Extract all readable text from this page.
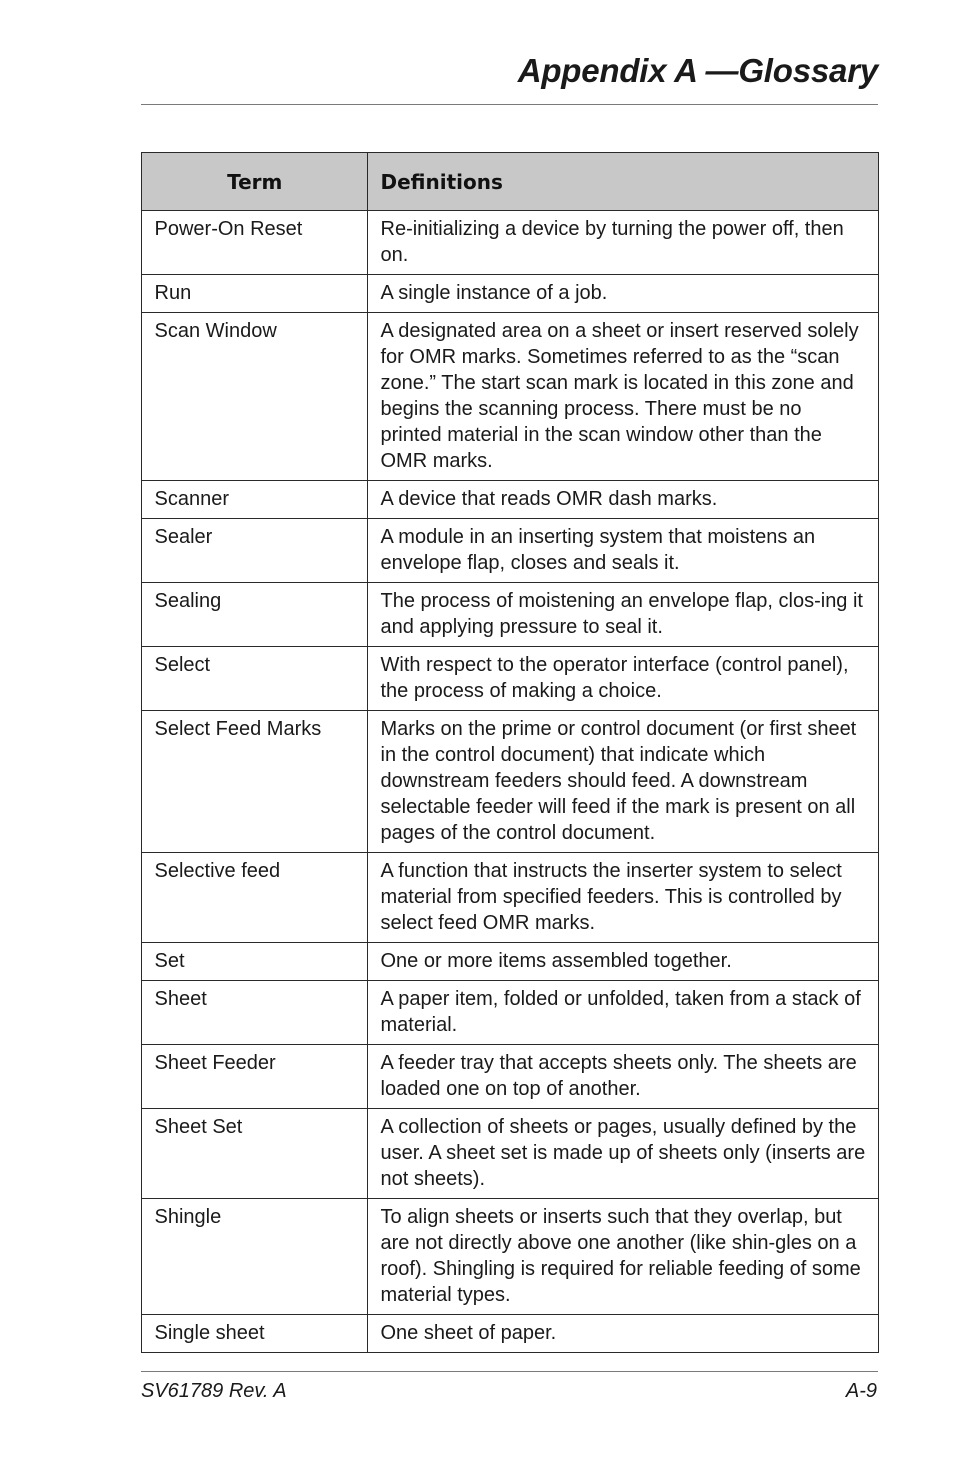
Appendix A —Glossary
Term	Definitions
Power-On Reset	Re-initializing a device by turning the power off, then on.
Run	A single instance of a job.
Scan Window	A designated area on a sheet or insert reserved solely for OMR marks. Sometimes referred to as the “scan zone.” The start scan mark is located in this zone and begins the scanning process. There must be no printed material in the scan window other than the OMR marks.
Scanner	A device that reads OMR dash marks.
Sealer	A module in an inserting system that moistens an envelope flap, closes and seals it.
Sealing	The process of moistening an envelope flap, clos-ing it and applying pressure to seal it.
Select	With respect to the operator interface (control panel), the process of making a choice.
Select Feed Marks	Marks on the prime or control document (or first sheet in the control document) that indicate which downstream feeders should feed. A downstream selectable feeder will feed if the mark is present on all pages of the control document.
Selective feed	A function that instructs the inserter system to select material from specified feeders. This is controlled by select feed OMR marks.
Set	One or more items assembled together.
Sheet	A paper item, folded or unfolded, taken from a stack of material.
Sheet Feeder	A feeder tray that accepts sheets only. The sheets are loaded one on top of another.
Sheet Set	A collection of sheets or pages, usually defined by the user. A sheet set is made up of sheets only (inserts are not sheets).
Shingle	To align sheets or inserts such that they overlap, but are not directly above one another (like shin-gles on a roof). Shingling is required for reliable feeding of some material types.
Single sheet	One sheet of paper.
SV61789 Rev. A	A-9
